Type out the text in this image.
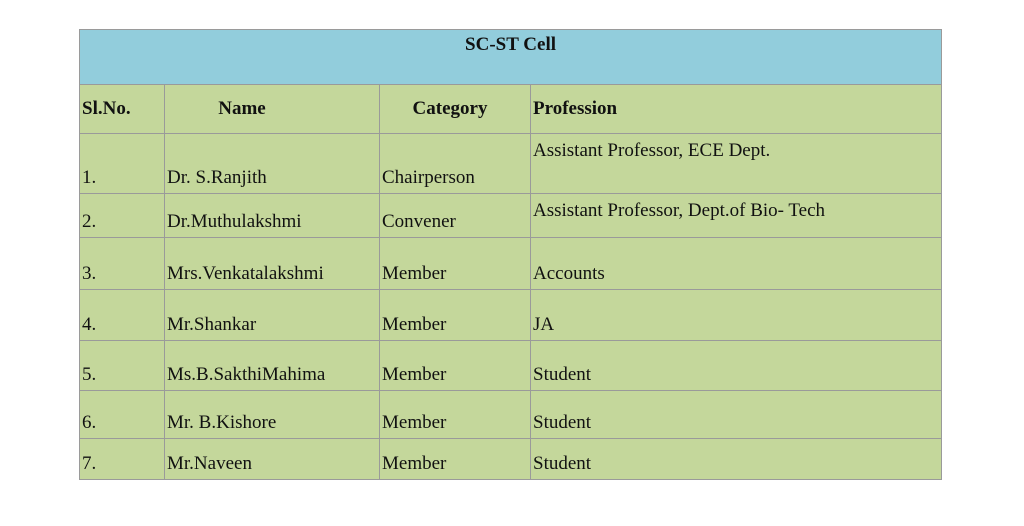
SC-ST Cell			
Sl.No.	Name	Category	Profession
1.	Dr. S.Ranjith	Chairperson	Assistant Professor, ECE Dept.
2.	Dr.Muthulakshmi	Convener	Assistant Professor, Dept.of Bio- Tech
3.	Mrs.Venkatalakshmi	Member	Accounts
4.	Mr.Shankar	Member	JA
5.	Ms.B.SakthiMahima	Member	Student
6.	Mr. B.Kishore	Member	Student
7.	Mr.Naveen	Member	Student
